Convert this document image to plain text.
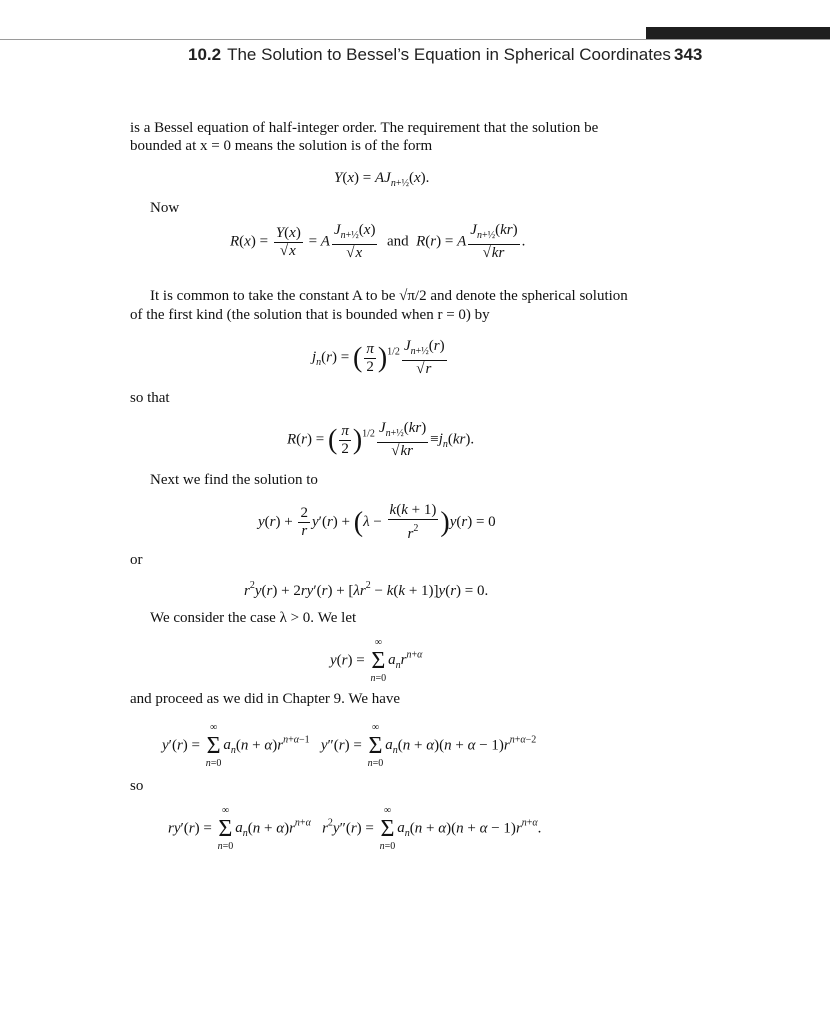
10.2 The Solution to Bessel’s Equation in Spherical Coordinates 343
is a Bessel equation of half-integer order. The requirement that the solution be
bounded at x = 0 means the solution is of the form
$Y(x) = AJ_{n+\frac{1}{2}}(x)$.
Now
$R(x) = \frac{Y(x)}{√x} = A \frac{J_{n+\frac{1}{2}}(x)}{√x}$ and  R(r) = A $\frac{J_{n+\frac{1}{2}}(kr)}{√kr}$ .
It is common to take the constant A to be √π/2 and denote the spherical solution
of the first kind (the solution that is bounded when r = 0) by
$j_n(r)$ = ( $\frac{\pi}{2} )^{1/2} \frac{J_{n+\frac{1}{2}}(r)}{√r}$
so that
R(r) = ( $\frac{\pi}{2} )^{1/2} \frac{J_{n+\frac{1}{2}}(kr)}{√kr} \equiv j_n(kr)$.
Next we find the solution to
$y(r) + \frac{2}{r} y'(r) + (\lambda - \frac{k(k + 1)}{r^2} )y(r) = 0$
or
$r^2y(r) + 2ry'(r) + [\lambda r^2 - k(k + 1)]y(r) = 0$.
We consider the case λ > 0. We let
y(r) =
∞
Σ
n=0
$a_nr^{n+\alpha}$
and proceed as we did in Chapter 9. We have
y′(r) =
∞
Σ
n=0
$a_n(n + \alpha)r^{n+\alpha-1}$ y″(r) =
∞
Σ
n=0
$a_n(n + \alpha)(n + \alpha - 1)r^{n+\alpha-2}$
so
ry′(r) =
∞
Σ
n=0
$a_n(n + \alpha)r^{n+\alpha}$ $r^2y''(r)$ =
∞
Σ
n=0
$a_n(n + \alpha)(n + \alpha - 1)r^{n+\alpha}$.
